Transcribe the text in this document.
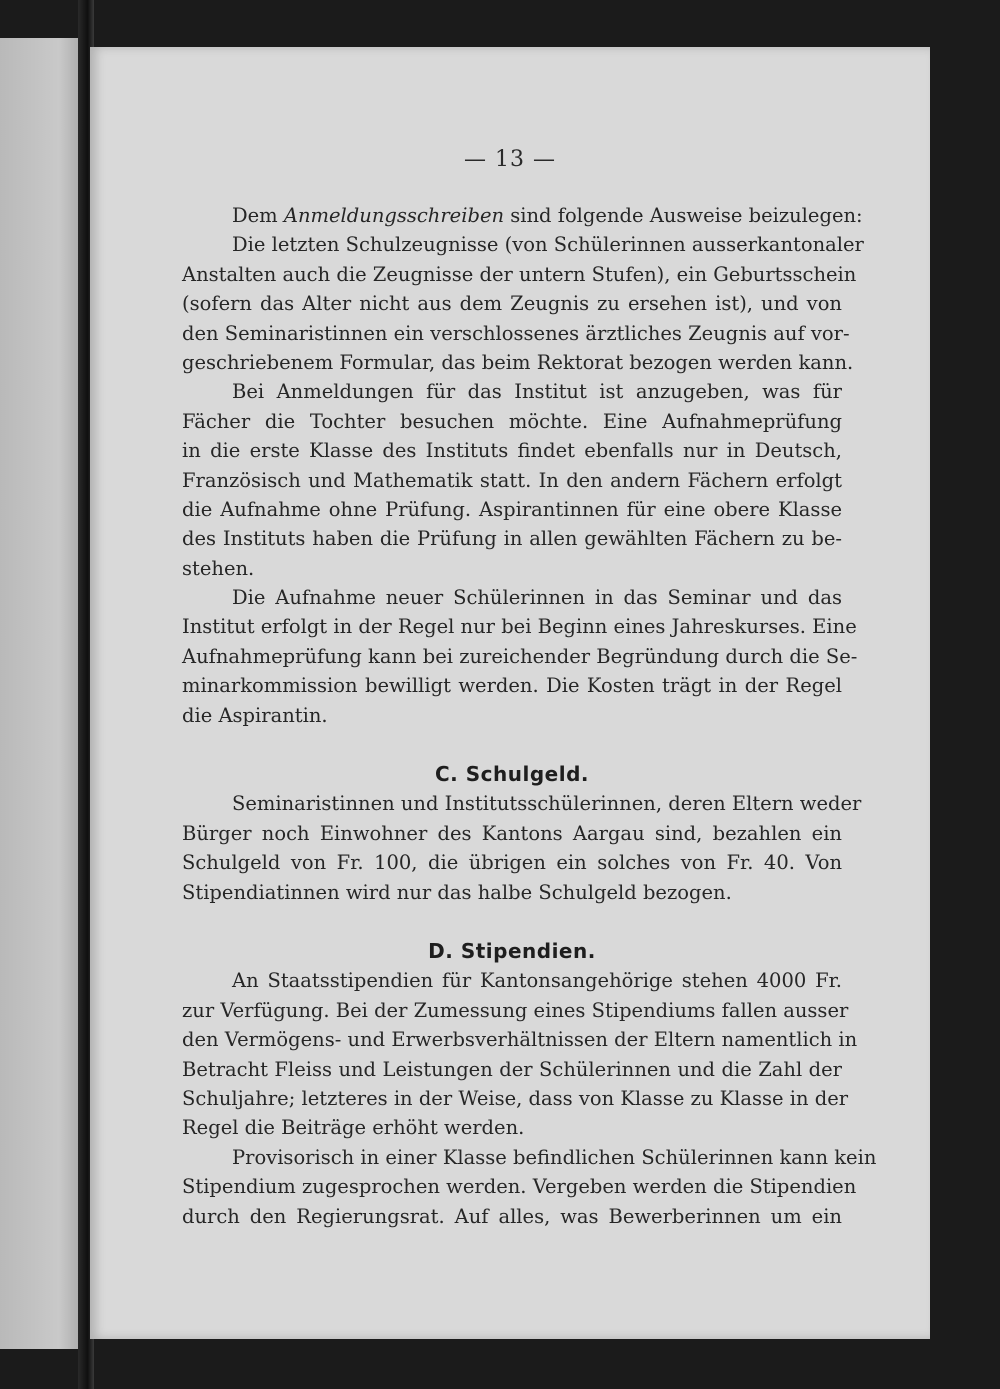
— 13 —
Dem Anmeldungsschreiben sind folgende Ausweise beizulegen:
Die letzten Schulzeugnisse (von Schülerinnen ausserkantonaler
Anstalten auch die Zeugnisse der untern Stufen), ein Geburtsschein
(sofern das Alter nicht aus dem Zeugnis zu ersehen ist), und von
den Seminaristinnen ein verschlossenes ärztliches Zeugnis auf vor-
geschriebenem Formular, das beim Rektorat bezogen werden kann.
Bei Anmeldungen für das Institut ist anzugeben, was für
Fächer die Tochter besuchen möchte. Eine Aufnahmeprüfung
in die erste Klasse des Instituts findet ebenfalls nur in Deutsch,
Französisch und Mathematik statt. In den andern Fächern erfolgt
die Aufnahme ohne Prüfung. Aspirantinnen für eine obere Klasse
des Instituts haben die Prüfung in allen gewählten Fächern zu be-
stehen.
Die Aufnahme neuer Schülerinnen in das Seminar und das
Institut erfolgt in der Regel nur bei Beginn eines Jahreskurses. Eine
Aufnahmeprüfung kann bei zureichender Begründung durch die Se-
minarkommission bewilligt werden. Die Kosten trägt in der Regel
die Aspirantin.
C. Schulgeld.
Seminaristinnen und Institutsschülerinnen, deren Eltern weder
Bürger noch Einwohner des Kantons Aargau sind, bezahlen ein
Schulgeld von Fr. 100, die übrigen ein solches von Fr. 40. Von
Stipendiatinnen wird nur das halbe Schulgeld bezogen.
D. Stipendien.
An Staatsstipendien für Kantonsangehörige stehen 4000 Fr.
zur Verfügung. Bei der Zumessung eines Stipendiums fallen ausser
den Vermögens- und Erwerbsverhältnissen der Eltern namentlich in
Betracht Fleiss und Leistungen der Schülerinnen und die Zahl der
Schuljahre; letzteres in der Weise, dass von Klasse zu Klasse in der
Regel die Beiträge erhöht werden.
Provisorisch in einer Klasse befindlichen Schülerinnen kann kein
Stipendium zugesprochen werden. Vergeben werden die Stipendien
durch den Regierungsrat. Auf alles, was Bewerberinnen um ein
